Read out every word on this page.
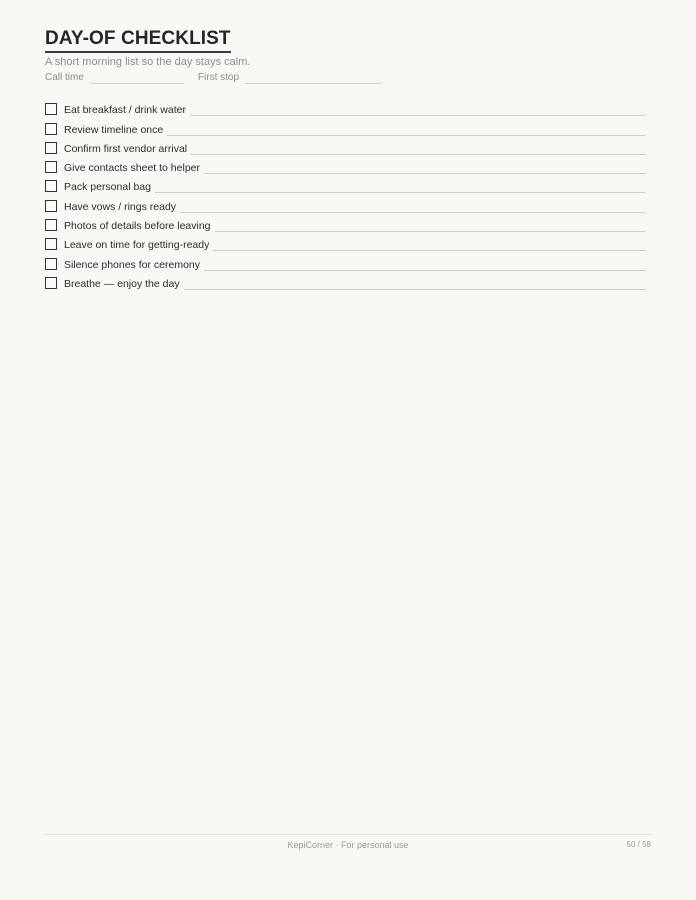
DAY-OF CHECKLIST
A short morning list so the day stays calm.
Call time	First stop
Eat breakfast / drink water
Review timeline once
Confirm first vendor arrival
Give contacts sheet to helper
Pack personal bag
Have vows / rings ready
Photos of details before leaving
Leave on time for getting-ready
Silence phones for ceremony
Breathe — enjoy the day
KepiCorner · For personal use	50 / 58
